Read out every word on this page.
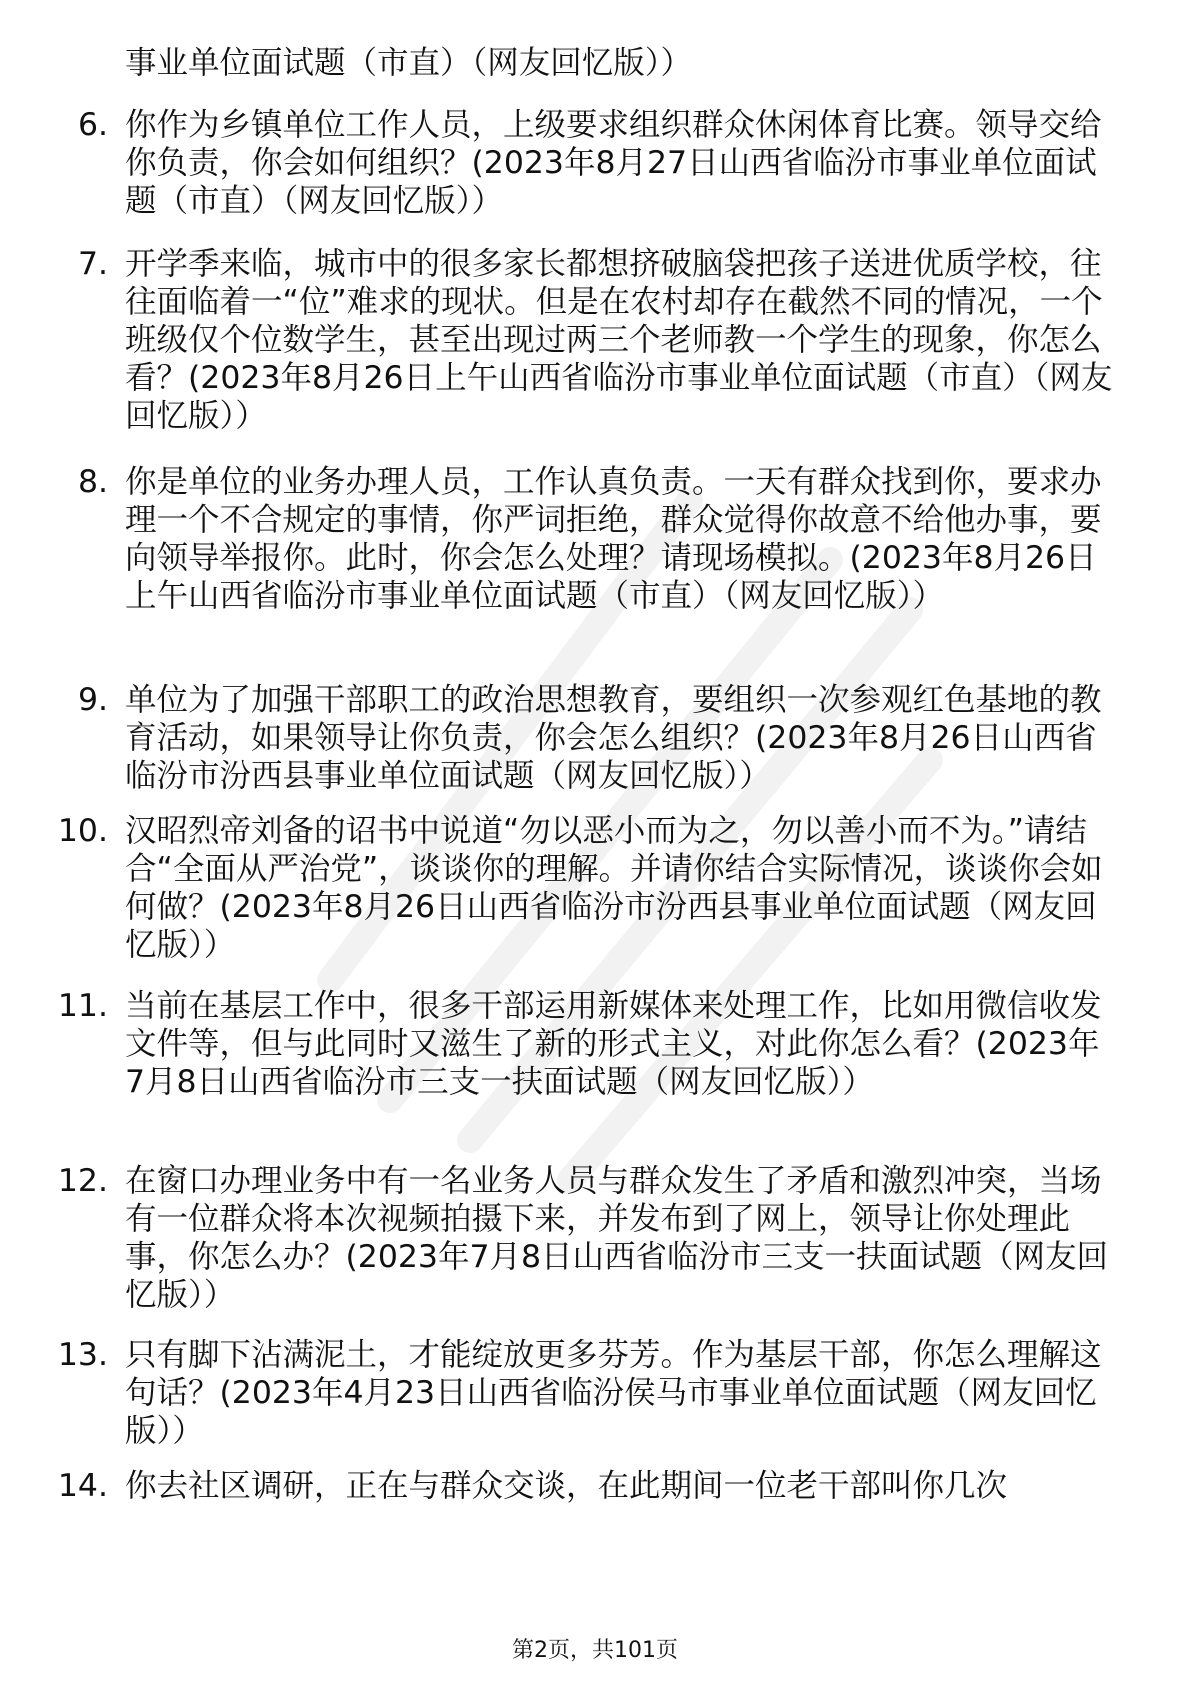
事业单位面试题（市直）（网友回忆版））
6. 你作为乡镇单位工作人员，上级要求组织群众休闲体育比赛。领导交给你负责，你会如何组织？(2023年8月27日山西省临汾市事业单位面试题（市直）（网友回忆版））
7. 开学季来临，城市中的很多家长都想挤破脑袋把孩子送进优质学校，往往面临着一“位”难求的现状。但是在农村却存在截然不同的情况，一个班级仅个位数学生，甚至出现过两三个老师教一个学生的现象，你怎么看？(2023年8月26日上午山西省临汾市事业单位面试题（市直）（网友回忆版））
8. 你是单位的业务办理人员，工作认真负责。一天有群众找到你，要求办理一个不合规定的事情，你严词拒绝，群众觉得你故意不给他办事，要向领导举报你。此时，你会怎么处理？请现场模拟。(2023年8月26日上午山西省临汾市事业单位面试题（市直）（网友回忆版））
9. 单位为了加强干部职工的政治思想教育，要组织一次参观红色基地的教育活动，如果领导让你负责，你会怎么组织？(2023年8月26日山西省临汾市汾西县事业单位面试题（网友回忆版））
10. 汉昭烈帝刘备的诏书中说道“勿以恶小而为之，勿以善小而不为。”请结合“全面从严治党”，谈谈你的理解。并请你结合实际情况，谈谈你会如何做？(2023年8月26日山西省临汾市汾西县事业单位面试题（网友回忆版））
11. 当前在基层工作中，很多干部运用新媒体来处理工作，比如用微信收发文件等，但与此同时又滋生了新的形式主义，对此你怎么看？(2023年7月8日山西省临汾市三支一扶面试题（网友回忆版））
12. 在窗口办理业务中有一名业务人员与群众发生了矛盾和激烈冲突，当场有一位群众将本次视频拍摄下来，并发布到了网上，领导让你处理此事，你怎么办？(2023年7月8日山西省临汾市三支一扶面试题（网友回忆版））
13. 只有脚下沾满泥土，才能绽放更多芬芳。作为基层干部，你怎么理解这句话？(2023年4月23日山西省临汾侯马市事业单位面试题（网友回忆版））
14. 你去社区调研，正在与群众交谈，在此期间一位老干部叫你几次
第2页，共101页
